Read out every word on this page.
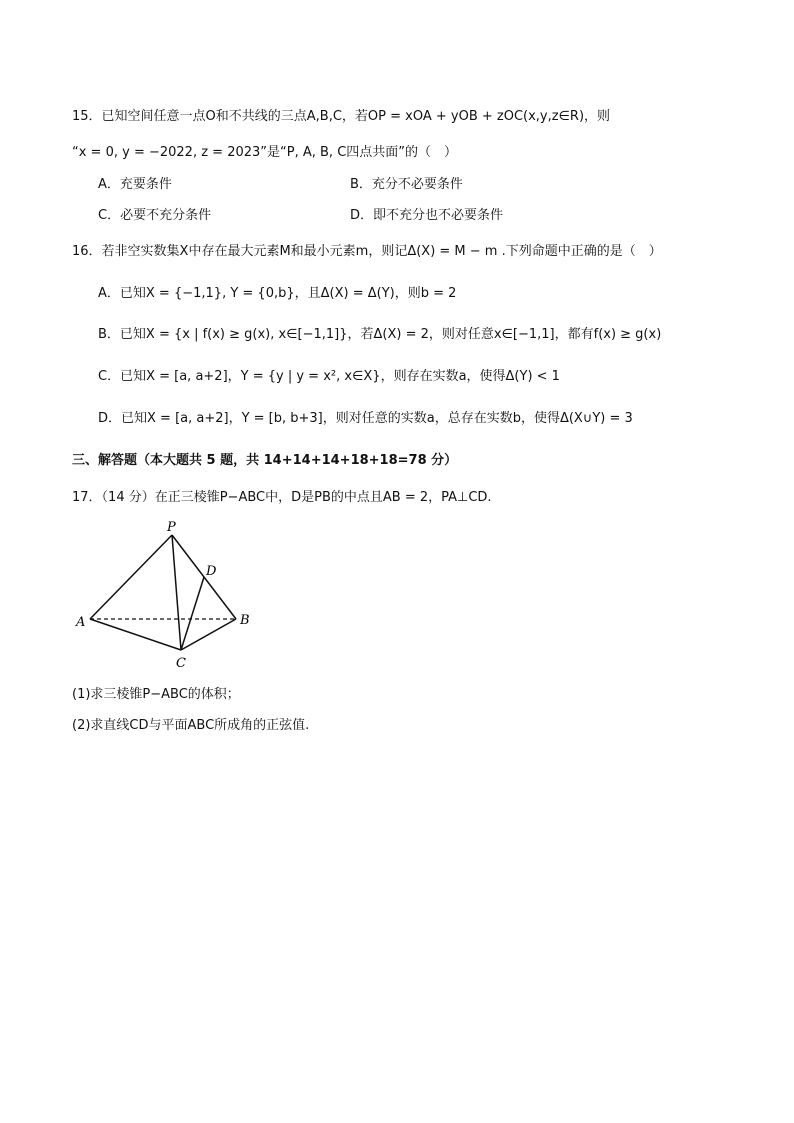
15．已知空间任意一点O和不共线的三点A,B,C，若OP = xOA + yOB + zOC(x,y,z∈R)，则
“x = 0, y = −2022, z = 2023”是“P, A, B, C四点共面”的（　）
A．充要条件	B．充分不必要条件
C．必要不充分条件	D．即不充分也不必要条件
16．若非空实数集X中存在最大元素M和最小元素m，则记Δ(X) = M − m .下列命题中正确的是（　）
A．已知X = {−1,1}, Y = {0,b}，且Δ(X) = Δ(Y)，则b = 2
B．已知X = {x | f(x) ≥ g(x), x∈[−1,1]}，若Δ(X) = 2，则对任意x∈[−1,1]，都有f(x) ≥ g(x)
C．已知X = [a, a+2]，Y = {y | y = x², x∈X}，则存在实数a，使得Δ(Y) < 1
D．已知X = [a, a+2]，Y = [b, b+3]，则对任意的实数a，总存在实数b，使得Δ(X∪Y) = 3
三、解答题（本大题共 5 题，共 14+14+14+18+18=78 分）
17．（14 分）在正三棱锥P−ABC中，D是PB的中点且AB = 2，PA⊥CD.
P
D
A	B
C
(1)求三棱锥P−ABC的体积；
(2)求直线CD与平面ABC所成角的正弦值.
